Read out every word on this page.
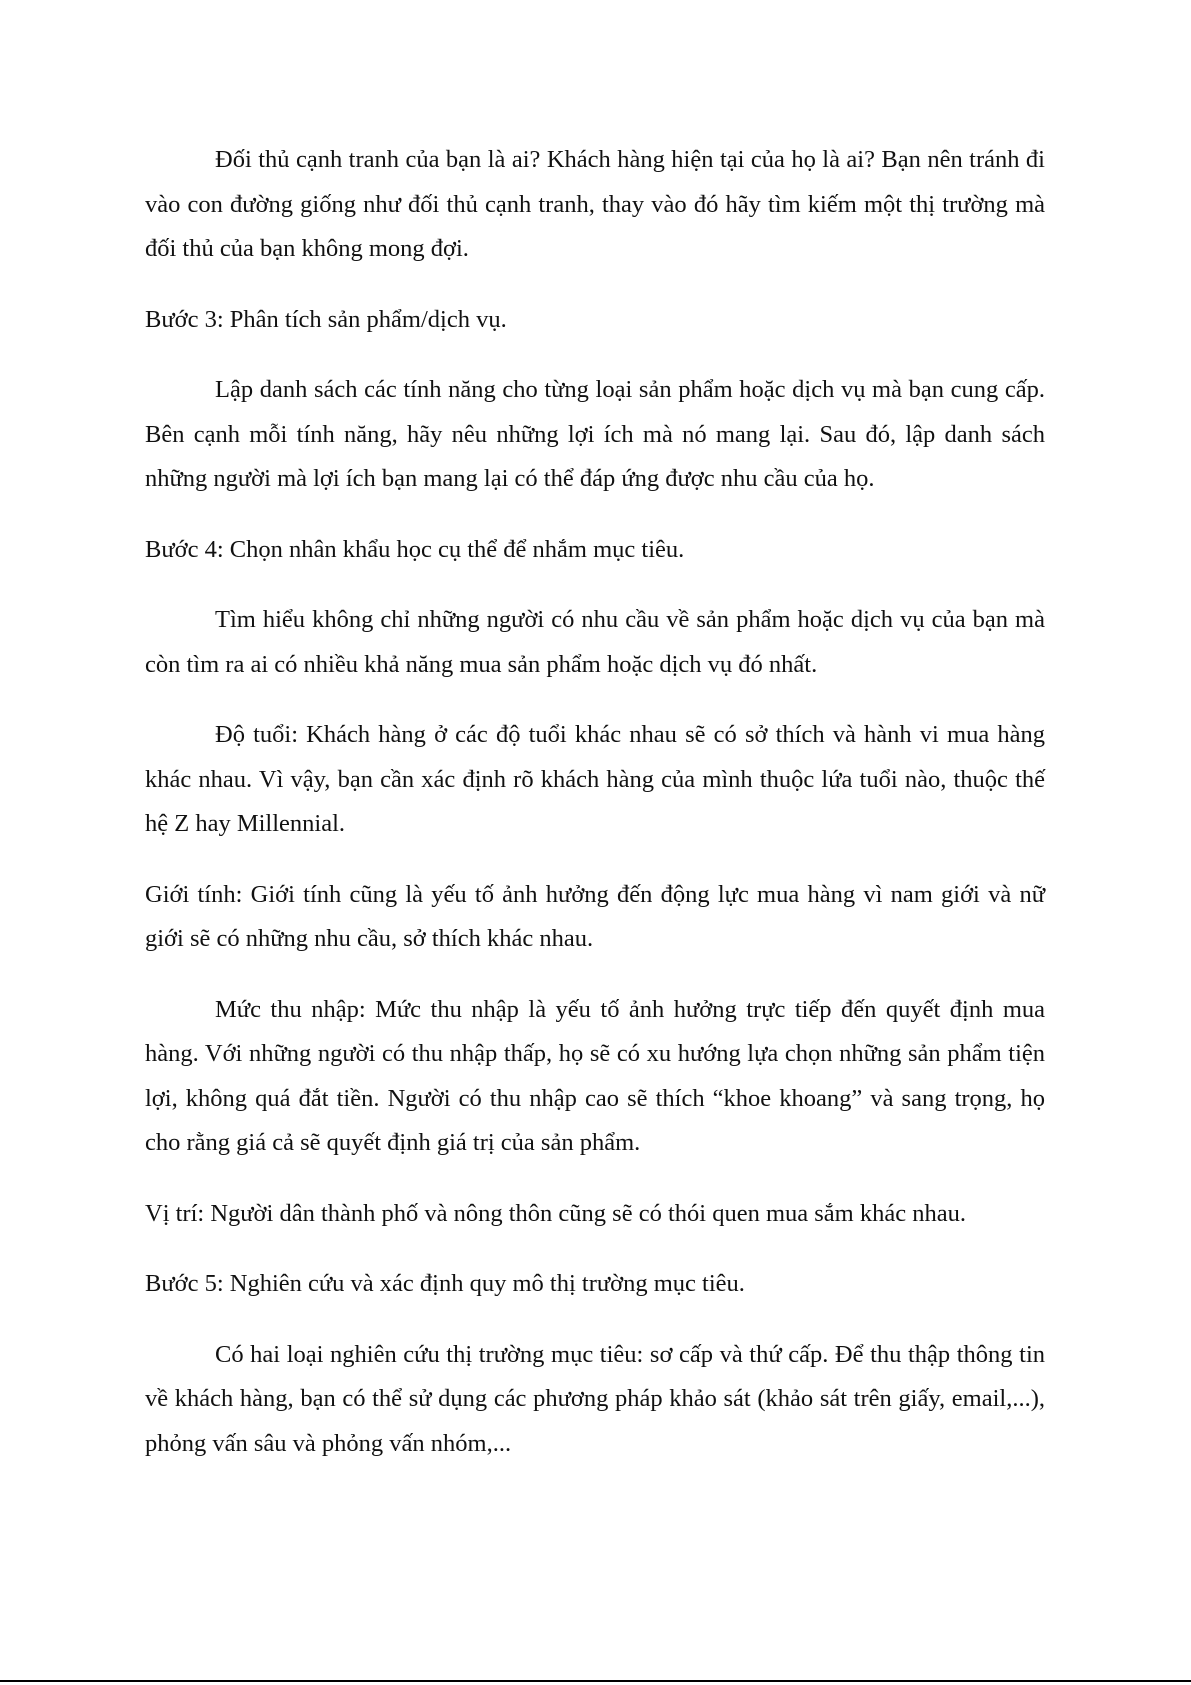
Đối thủ cạnh tranh của bạn là ai? Khách hàng hiện tại của họ là ai? Bạn nên tránh đi vào con đường giống như đối thủ cạnh tranh, thay vào đó hãy tìm kiếm một thị trường mà đối thủ của bạn không mong đợi.

Bước 3: Phân tích sản phẩm/dịch vụ.

Lập danh sách các tính năng cho từng loại sản phẩm hoặc dịch vụ mà bạn cung cấp. Bên cạnh mỗi tính năng, hãy nêu những lợi ích mà nó mang lại. Sau đó, lập danh sách những người mà lợi ích bạn mang lại có thể đáp ứng được nhu cầu của họ.

Bước 4: Chọn nhân khẩu học cụ thể để nhắm mục tiêu.

Tìm hiểu không chỉ những người có nhu cầu về sản phẩm hoặc dịch vụ của bạn mà còn tìm ra ai có nhiều khả năng mua sản phẩm hoặc dịch vụ đó nhất.

Độ tuổi: Khách hàng ở các độ tuổi khác nhau sẽ có sở thích và hành vi mua hàng khác nhau. Vì vậy, bạn cần xác định rõ khách hàng của mình thuộc lứa tuổi nào, thuộc thế hệ Z hay Millennial.

Giới tính: Giới tính cũng là yếu tố ảnh hưởng đến động lực mua hàng vì nam giới và nữ giới sẽ có những nhu cầu, sở thích khác nhau.

Mức thu nhập: Mức thu nhập là yếu tố ảnh hưởng trực tiếp đến quyết định mua hàng. Với những người có thu nhập thấp, họ sẽ có xu hướng lựa chọn những sản phẩm tiện lợi, không quá đắt tiền. Người có thu nhập cao sẽ thích “khoe khoang” và sang trọng, họ cho rằng giá cả sẽ quyết định giá trị của sản phẩm.

Vị trí: Người dân thành phố và nông thôn cũng sẽ có thói quen mua sắm khác nhau.

Bước 5: Nghiên cứu và xác định quy mô thị trường mục tiêu.

Có hai loại nghiên cứu thị trường mục tiêu: sơ cấp và thứ cấp. Để thu thập thông tin về khách hàng, bạn có thể sử dụng các phương pháp khảo sát (khảo sát trên giấy, email,...), phỏng vấn sâu và phỏng vấn nhóm,...
